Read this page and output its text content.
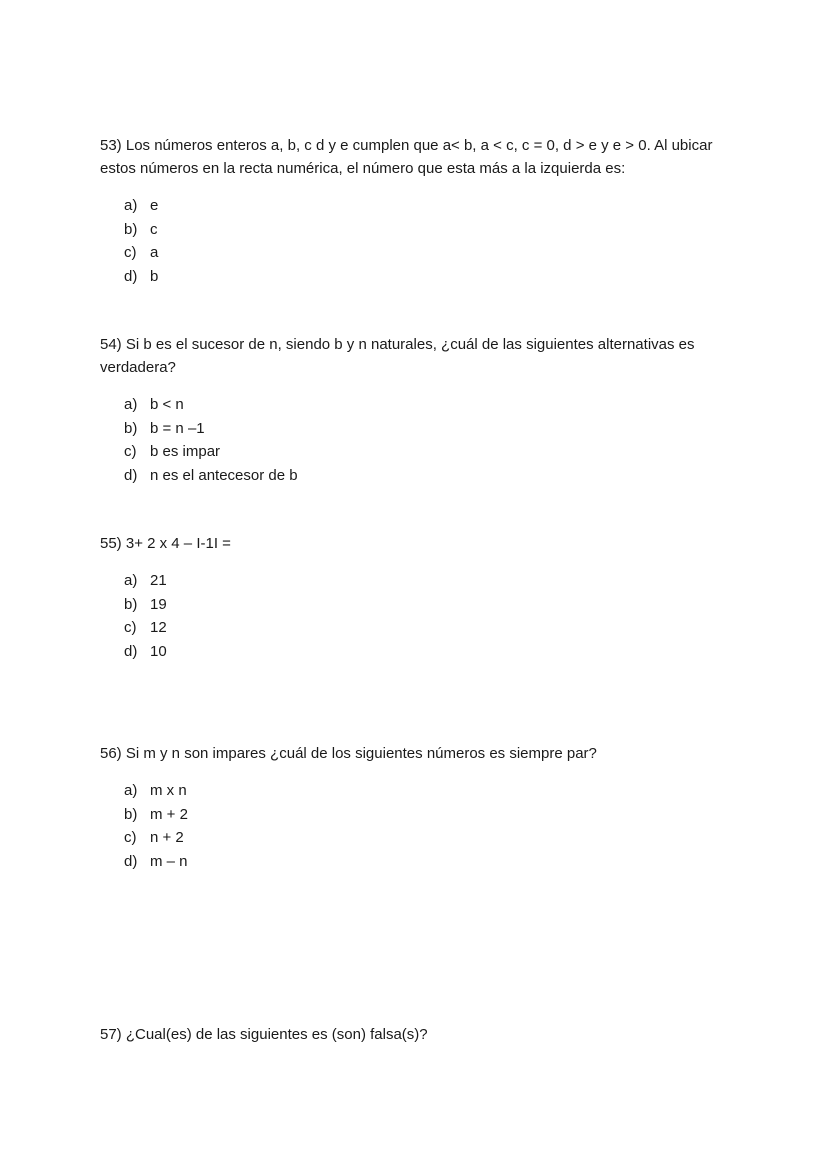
53) Los números enteros a, b, c d y e cumplen que a< b, a < c, c = 0, d > e y e > 0. Al ubicar estos números en la recta numérica, el número que esta más a la izquierda es:

a) e
b) c
c) a
d) b

54) Si b es el sucesor de n, siendo b y n naturales, ¿cuál de las siguientes alternativas es verdadera?

a) b < n
b) b = n –1
c) b es impar
d) n es el antecesor de b

55) 3+ 2 x 4 – I-1I =

a) 21
b) 19
c) 12
d) 10

56) Si m y n son impares ¿cuál de los siguientes números es siempre par?

a) m x n
b) m + 2
c) n + 2
d) m – n

57) ¿Cual(es) de las siguientes es (son) falsa(s)?
